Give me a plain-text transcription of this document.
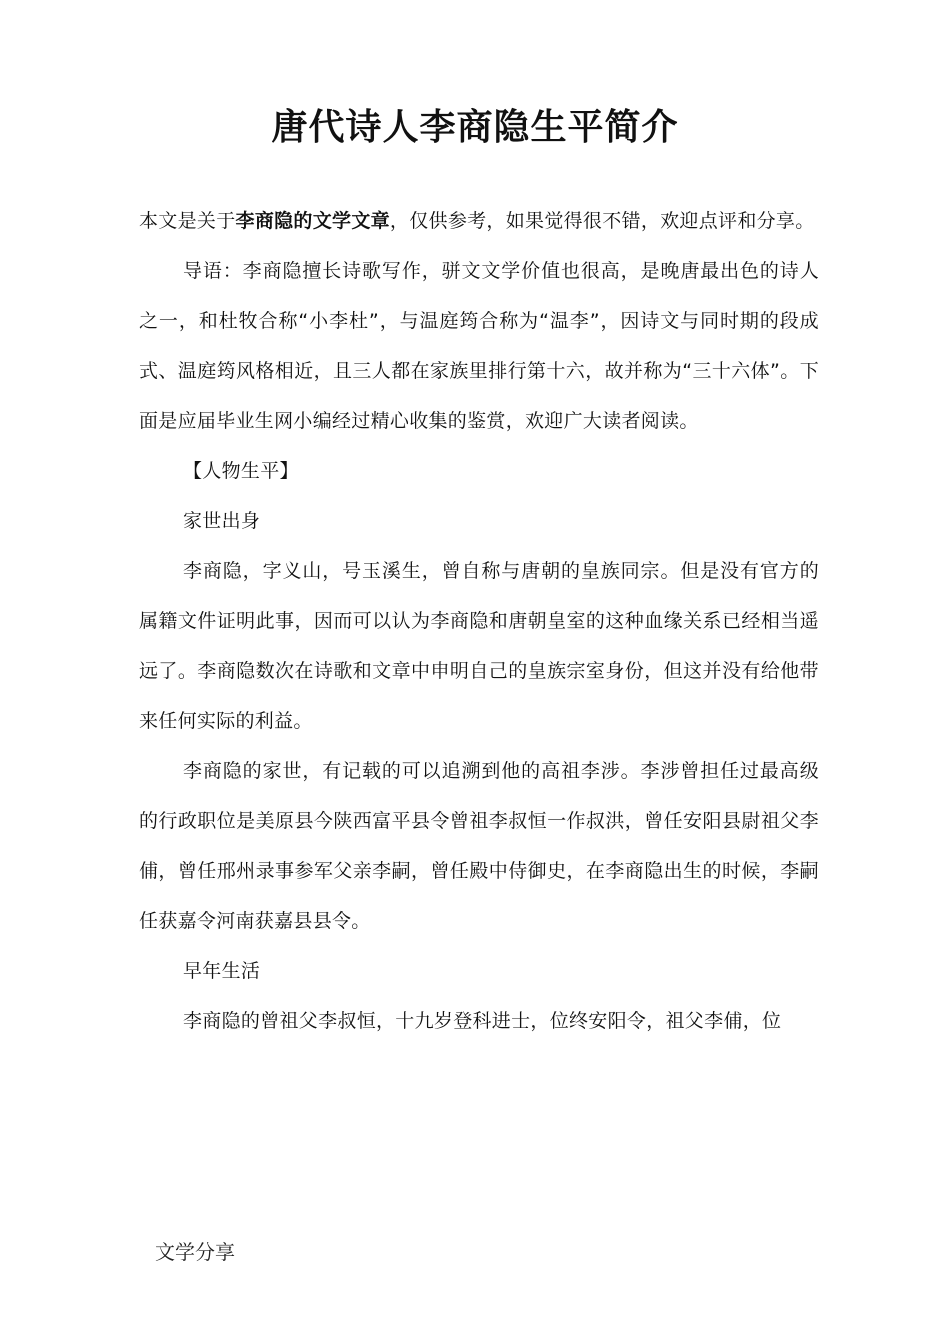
唐代诗人李商隐生平简介

本文是关于李商隐的文学文章，仅供参考，如果觉得很不错，欢迎点评和分享。

导语：李商隐擅长诗歌写作，骈文文学价值也很高，是晚唐最出色的诗人之一，和杜牧合称“小李杜”，与温庭筠合称为“温李”，因诗文与同时期的段成式、温庭筠风格相近，且三人都在家族里排行第十六，故并称为“三十六体”。下面是应届毕业生网小编经过精心收集的鉴赏，欢迎广大读者阅读。

【人物生平】

家世出身

李商隐，字义山，号玉溪生，曾自称与唐朝的皇族同宗。但是没有官方的属籍文件证明此事，因而可以认为李商隐和唐朝皇室的这种血缘关系已经相当遥远了。李商隐数次在诗歌和文章中申明自己的皇族宗室身份，但这并没有给他带来任何实际的利益。

李商隐的家世，有记载的可以追溯到他的高祖李涉。李涉曾担任过最高级的行政职位是美原县今陕西富平县令曾祖李叔恒一作叔洪，曾任安阳县尉祖父李俌，曾任邢州录事参军父亲李嗣，曾任殿中侍御史，在李商隐出生的时候，李嗣任获嘉令河南获嘉县县令。

早年生活

李商隐的曾祖父李叔恒，十九岁登科进士，位终安阳令，祖父李俌，位

文学分享
